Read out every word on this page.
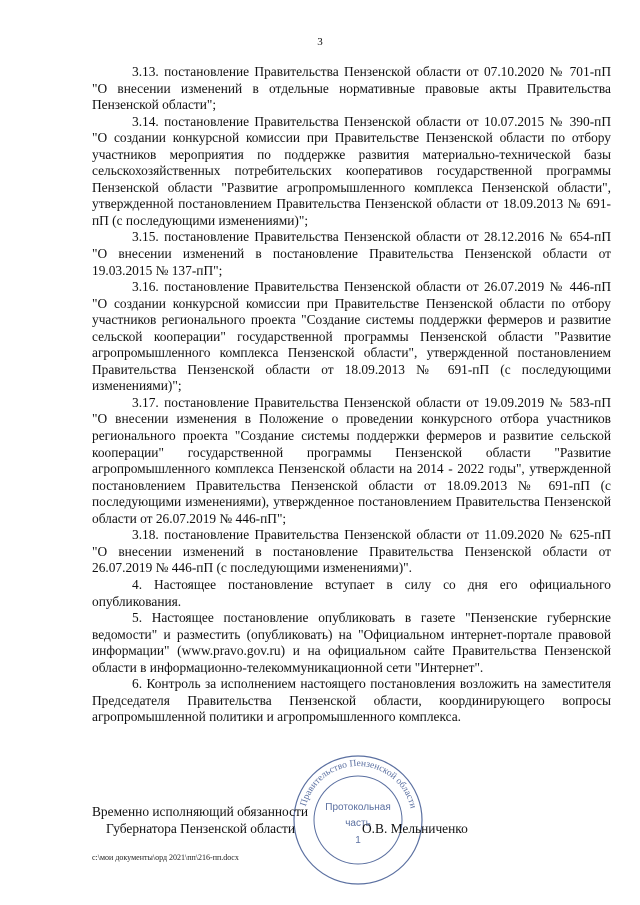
3

3.13. постановление Правительства Пензенской области от 07.10.2020 № 701-пП "О внесении изменений в отдельные нормативные правовые акты Правительства Пензенской области";

3.14. постановление Правительства Пензенской области от 10.07.2015 № 390-пП "О создании конкурсной комиссии при Правительстве Пензенской области по отбору участников мероприятия по поддержке развития материально-технической базы сельскохозяйственных потребительских кооперативов государственной программы Пензенской области "Развитие агропромышленного комплекса Пензенской области", утвержденной постановлением Правительства Пензенской области от 18.09.2013 № 691-пП (с последующими изменениями)";

3.15. постановление Правительства Пензенской области от 28.12.2016 № 654-пП "О внесении изменений в постановление Правительства Пензенской области от 19.03.2015 № 137-пП";

3.16. постановление Правительства Пензенской области от 26.07.2019 № 446-пП "О создании конкурсной комиссии при Правительстве Пензенской области по отбору участников регионального проекта "Создание системы поддержки фермеров и развитие сельской кооперации" государственной программы Пензенской области "Развитие агропромышленного комплекса Пензенской области", утвержденной постановлением Правительства Пензенской области от 18.09.2013 № 691-пП (с последующими изменениями)";

3.17. постановление Правительства Пензенской области от 19.09.2019 № 583-пП "О внесении изменения в Положение о проведении конкурсного отбора участников регионального проекта "Создание системы поддержки фермеров и развитие сельской кооперации" государственной программы Пензенской области "Развитие агропромышленного комплекса Пензенской области на 2014 - 2022 годы", утвержденной постановлением Правительства Пензенской области от 18.09.2013 № 691-пП (с последующими изменениями), утвержденное постановлением Правительства Пензенской области от 26.07.2019 № 446-пП";

3.18. постановление Правительства Пензенской области от 11.09.2020 № 625-пП "О внесении изменений в постановление Правительства Пензенской области от 26.07.2019 № 446-пП (с последующими изменениями)".

4. Настоящее постановление вступает в силу со дня его официального опубликования.

5. Настоящее постановление опубликовать в газете "Пензенские губернские ведомости" и разместить (опубликовать) на "Официальном интернет-портале правовой информации" (www.pravo.gov.ru) и на официальном сайте Правительства Пензенской области в информационно-телекоммуникационной сети "Интернет".

6. Контроль за исполнением настоящего постановления возложить на заместителя Председателя Правительства Пензенской области, координирующего вопросы агропромышленной политики и агропромышленного комплекса.

Правительство Пензенской области
Протокольная
часть
1
Временно исполняющий обязанности
Губернатора Пензенской области	О.В. Мельниченко
c:\мои документы\орд 2021\пп\216-пп.docx
